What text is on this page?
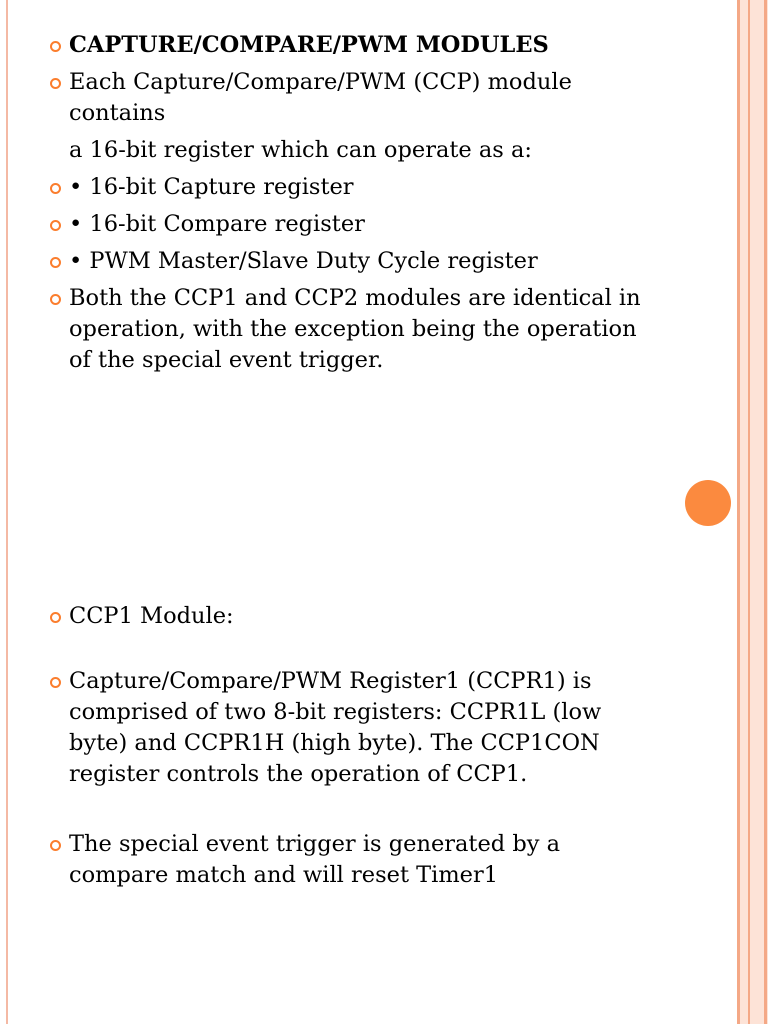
CAPTURE/COMPARE/PWM MODULES

Each Capture/Compare/PWM (CCP) module contains

a 16-bit register which can operate as a:

• 16-bit Capture register

• 16-bit Compare register

• PWM Master/Slave Duty Cycle register

Both the CCP1 and CCP2 modules are identical in operation, with the exception being the operation of the special event trigger.

CCP1 Module:

Capture/Compare/PWM Register1 (CCPR1) is comprised of two 8-bit registers: CCPR1L (low byte) and CCPR1H (high byte). The CCP1CON register controls the operation of CCP1.

The special event trigger is generated by a compare match and will reset Timer1
